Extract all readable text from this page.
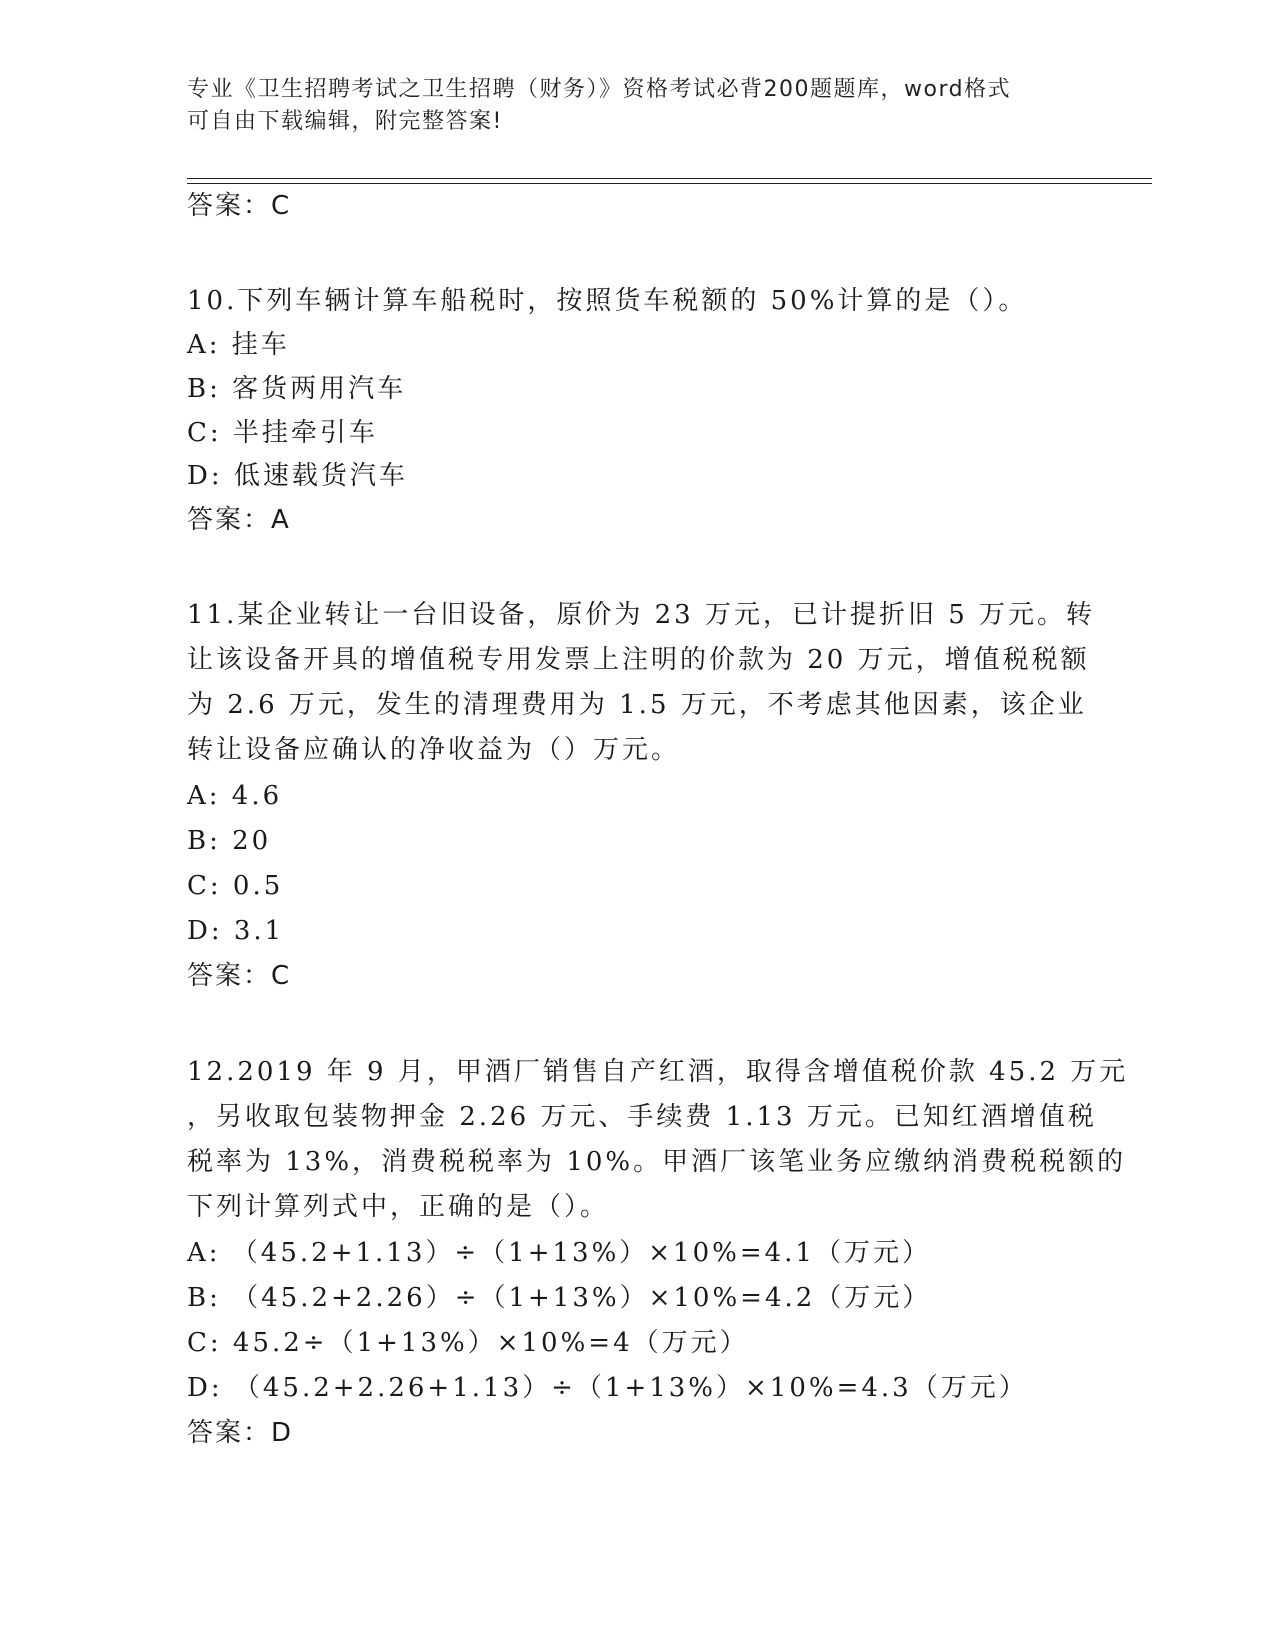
专业《卫生招聘考试之卫生招聘（财务）》资格考试必背200题题库，word格式
可自由下载编辑，附完整答案!
答案：C
10.下列车辆计算车船税时，按照货车税额的 50%计算的是（）。
A: 挂车
B: 客货两用汽车
C: 半挂牵引车
D: 低速载货汽车
答案：A
11.某企业转让一台旧设备，原价为 23 万元，已计提折旧 5 万元。转
让该设备开具的增值税专用发票上注明的价款为 20 万元，增值税税额
为 2.6 万元，发生的清理费用为 1.5 万元，不考虑其他因素，该企业
转让设备应确认的净收益为（）万元。
A: 4.6
B: 20
C: 0.5
D: 3.1
答案：C
12.2019 年 9 月，甲酒厂销售自产红酒，取得含增值税价款 45.2 万元
，另收取包装物押金 2.26 万元、手续费 1.13 万元。已知红酒增值税
税率为 13%，消费税税率为 10%。甲酒厂该笔业务应缴纳消费税税额的
下列计算列式中，正确的是（）。
A: （45.2+1.13）÷（1+13%）×10%=4.1（万元）
B: （45.2+2.26）÷（1+13%）×10%=4.2（万元）
C: 45.2÷（1+13%）×10%=4（万元）
D: （45.2+2.26+1.13）÷（1+13%）×10%=4.3（万元）
答案：D
